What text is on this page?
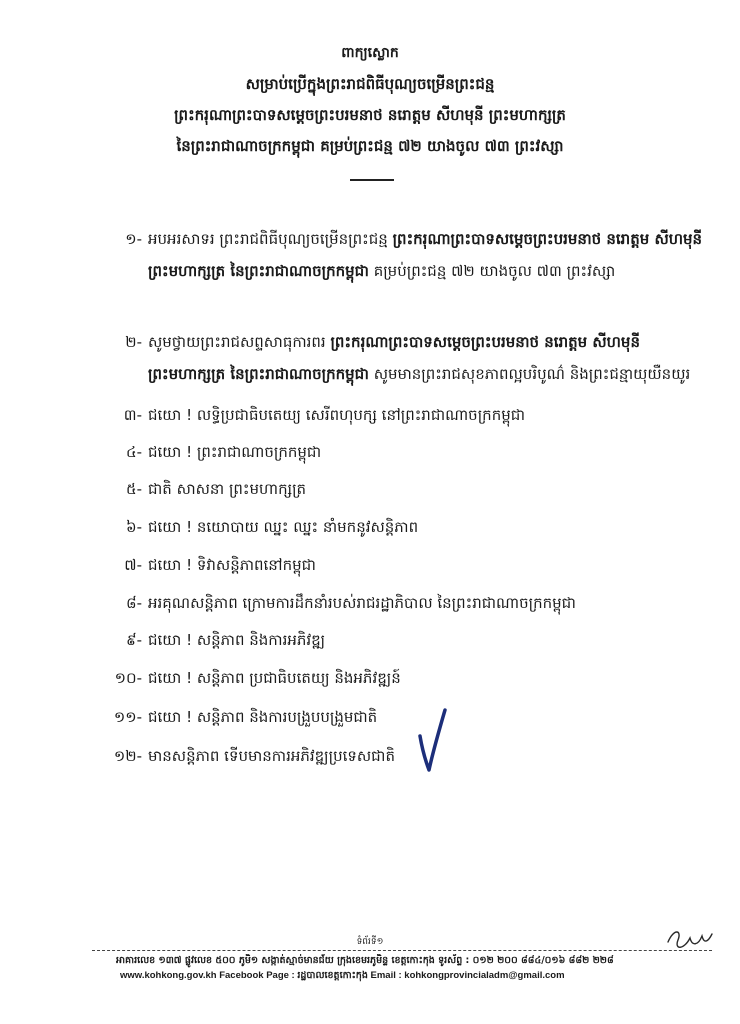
ពាក្យស្លោក
សម្រាប់ប្រើក្នុងព្រះរាជពិធីបុណ្យចម្រើនព្រះជន្ម
ព្រះករុណាព្រះបាទសម្តេចព្រះបរមនាថ នរោត្តម សីហមុនី ព្រះមហាក្សត្រ
នៃព្រះរាជាណាចក្រកម្ពុជា គម្រប់ព្រះជន្ម ៧២ យាងចូល ៧៣ ព្រះវស្សា
១- អបអរសាទរ ព្រះរាជពិធីបុណ្យចម្រើនព្រះជន្ម ព្រះករុណាព្រះបាទសម្តេចព្រះបរមនាថ នរោត្តម សីហមុនី ព្រះមហាក្សត្រ នៃព្រះរាជាណាចក្រកម្ពុជា គម្រប់ព្រះជន្ម ៧២ យាងចូល ៧៣ ព្រះវស្សា
២- សូមថ្វាយព្រះរាជសព្ទសាធុការពរ ព្រះករុណាព្រះបាទសម្តេចព្រះបរមនាថ នរោត្តម សីហមុនី ព្រះមហាក្សត្រ នៃព្រះរាជាណាចក្រកម្ពុជា សូមមានព្រះរាជសុខភាពល្អបរិបូណ៌ និងព្រះជន្មាយុយឺនយូរ
៣- ជយោ ! លទ្ធិប្រជាធិបតេយ្យ សេរីពហុបក្ស នៅព្រះរាជាណាចក្រកម្ពុជា
៤- ជយោ ! ព្រះរាជាណាចក្រកម្ពុជា
៥- ជាតិ សាសនា ព្រះមហាក្សត្រ
៦- ជយោ ! នយោបាយ ឈ្នះ ឈ្នះ នាំមកនូវសន្តិភាព
៧- ជយោ ! ទិវាសន្តិភាពនៅកម្ពុជា
៨- អរគុណសន្តិភាព ក្រោមការដឹកនាំរបស់រាជរដ្ឋាភិបាល នៃព្រះរាជាណាចក្រកម្ពុជា
៩- ជយោ ! សន្តិភាព និងការអភិវឌ្ឍ
១០- ជយោ ! សន្តិភាព ប្រជាធិបតេយ្យ និងអភិវឌ្ឍន៍
១១- ជយោ ! សន្តិភាព និងការបង្រួបបង្រួមជាតិ
១២- មានសន្តិភាព ទើបមានការអភិវឌ្ឍប្រទេសជាតិ
ទំព័រទី១
អាគារលេខ ១៣៧ ផ្លូវលេខ ៥០០ ភូមិ១ សង្កាត់ស្មាច់មានជ័យ ក្រុងខេមរភូមិន្ទ ខេត្តកោះកុង ទូរស័ព្ទ : ០១២ ២០០ ៨៨៤/០១៦ ៨៨២ ២២៨
www.kohkong.gov.kh Facebook Page : រដ្ឋបាលខេត្តកោះកុង Email : kohkongprovincialadm@gmail.com
